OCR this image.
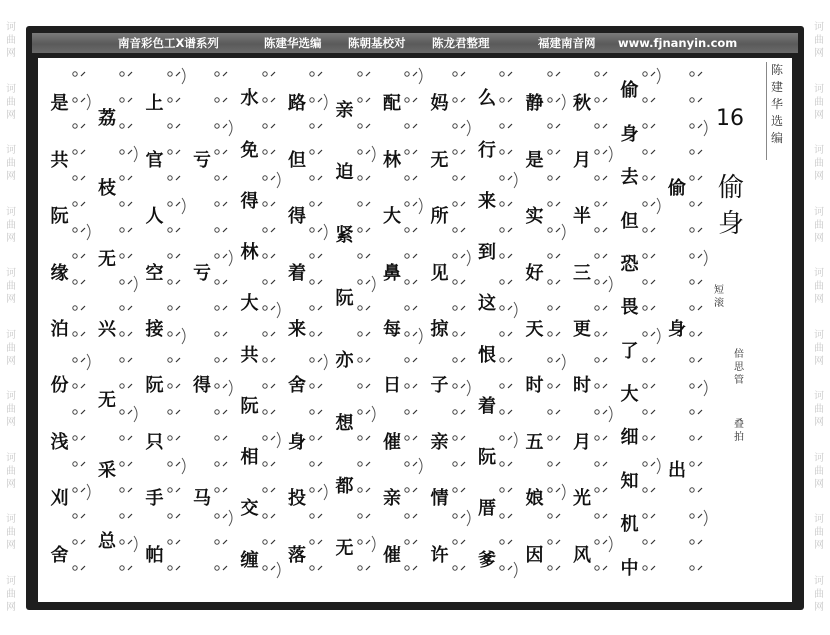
诃
曲
网
诃
曲
网
诃
曲
网
诃
曲
网
诃
曲
网
诃
曲
网
诃
曲
网
诃
曲
网
诃
曲
网
诃
曲
网
诃
曲
网
诃
曲
网
诃
曲
网
诃
曲
网
诃
曲
网
诃
曲
网
诃
曲
网
诃
曲
网
诃
曲
网
诃
曲
网
南音彩色工X谱系列	陈建华选编 陈朝基校对 陈龙君整理	福建南音网 www.fjnanyin.com
陈建华选编
16
偷身
短滚
倍思管
叠拍
偷
身
出
偷
身
去
但
恐
畏
了
大
细
知
机
中
秋
月
半
三
更
时
月
光
风
静
是
实
好
天
时
五
娘
因
么
行
来
到
这
恨
着
阮
厝
爹
妈
无
所
见
掠
子
亲
情
许
配
林
大
鼻
每
日
催
亲
催
亲
迫
紧
阮
亦
想
都
无
路
但
得
着
来
舍
身
投
落
水
免
得
林
大
共
阮
相
交
缠
亏
亏
得
马
上
官
人
空
接
阮
只
手
帕
荔
枝
无
兴
无
采
总
是
共
阮
缘
泊
份
浅
刈
舍
